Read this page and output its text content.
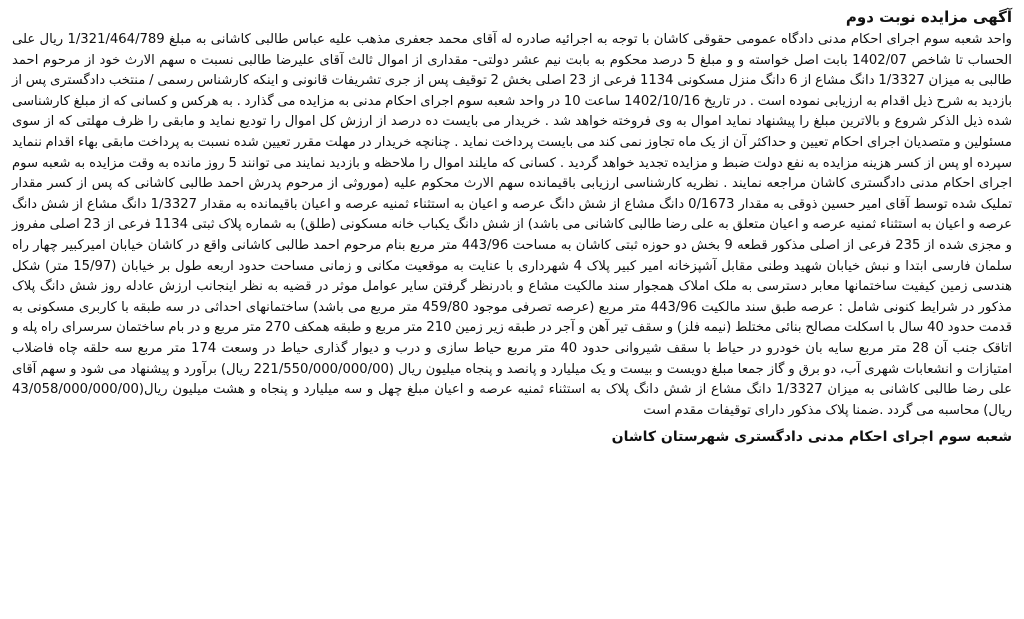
آگهی مزایده نوبت دوم
واحد شعبه سوم اجرای احکام مدنی دادگاه عمومی حقوقی کاشان با توجه به اجرائیه صادره له آقای محمد جعفری مذهب علیه عباس طالبی کاشانی به مبلغ 1/321/464/789 ریال علی الحساب تا شاخص 1402/07 بابت اصل خواسته و و مبلغ 5 درصد محکوم به بابت نیم عشر دولتی- مقداری از اموال ثالث آقای علیرضا طالبی نسبت ه سهم الارث خود از مرحوم احمد طالبی به میزان 1/3327 دانگ مشاع از 6 دانگ منزل مسکونی 1134 فرعی از 23 اصلی بخش 2 توقیف پس از جری تشریفات قانونی و اینکه کارشناس رسمی / منتخب دادگستری پس از بازدید به شرح ذیل اقدام به ارزیابی نموده است . در تاریخ 1402/10/16 ساعت 10 در واحد شعبه سوم اجرای احکام مدنی به مزایده می گذارد . به هرکس و کسانی که از مبلغ کارشناسی شده ذیل الذکر شروع و بالاترین مبلغ را پیشنهاد نماید اموال به وی فروخته خواهد شد . خریدار می بایست ده درصد از ارزش کل اموال را تودیع نماید و مابقی را ظرف مهلتی که از سوی مسئولین و متصدیان اجرای احکام تعیین و حداکثر آن از یک ماه تجاوز نمی کند می بایست پرداخت نماید . چنانچه خریدار در مهلت مقرر تعیین شده نسبت به پرداخت مابقی بهاء اقدام ننماید سپرده او پس از کسر هزینه مزایده به نفع دولت ضبط و مزایده تجدید خواهد گردید . کسانی که مایلند اموال را ملاحظه و بازدید نمایند می توانند 5 روز مانده به وقت مزایده به شعبه سوم اجرای احکام مدنی دادگستری کاشان مراجعه نمایند . نظریه کارشناسی ارزیابی باقیمانده سهم الارث محکوم علیه (موروثی از مرحوم پدرش احمد طالبی کاشانی که پس از کسر مقدار تملیک شده توسط آقای امیر حسین ذوقی به مقدار 0/1673 دانگ مشاع از شش دانگ عرصه و اعیان به استثناء ثمنیه عرصه و اعیان باقیمانده به مقدار 1/3327 دانگ مشاع از شش دانگ عرصه و اعیان به استثناء ثمنیه عرصه و اعیان متعلق به علی رضا طالبی کاشانی می باشد) از شش دانگ یکباب خانه مسکونی (طلق) به شماره پلاک ثبتی 1134 فرعی از 23 اصلی مفروز و مجزی شده از 235 فرعی از اصلی مذکور قطعه 9 بخش دو حوزه ثبتی کاشان به مساحت 443/96 متر مربع بنام مرحوم احمد طالبی کاشانی واقع در کاشان خیابان امیرکبیر چهار راه سلمان فارسی ابتدا و نبش خیابان شهید وطنی مقابل آشپزخانه امیر کبیر پلاک 4 شهرداری با عنایت به موقعیت مکانی و زمانی مساحت حدود اربعه طول بر خیابان (15/97 متر) شکل هندسی زمین کیفیت ساختمانها معابر دسترسی به ملک املاک همجوار سند مالکیت مشاع و بادرنظر گرفتن سایر عوامل موثر در قضیه به نظر اینجانب ارزش عادله روز شش دانگ پلاک مذکور در شرایط کنونی شامل : عرصه طبق سند مالکیت 443/96 متر مربع (عرصه تصرفی موجود 459/80 متر مربع می باشد) ساختمانهای احداثی در سه طبقه با کاربری مسکونی به قدمت حدود 40 سال با اسکلت مصالح بنائی مختلط (نیمه فلز) و سقف تیر آهن و آجر در طبقه زیر زمین 210 متر مربع و طبقه همکف 270 متر مربع و در بام ساختمان سرسرای راه پله و اتاقک جنب آن 28 متر مربع سایه بان خودرو در حیاط با سقف شیروانی حدود 40 متر مربع حیاط سازی و درب و دیوار گذاری حیاط در وسعت 174 متر مربع سه حلقه چاه فاضلاب امتیازات و انشعابات شهری آب، دو برق و گاز جمعا مبلغ دویست و بیست و یک میلیارد و پانصد و پنجاه میلیون ریال (221/550/000/000/00 ریال) برآورد و پیشنهاد می شود و سهم آقای علی رضا طالبی کاشانی به میزان 1/3327 دانگ مشاع از شش دانگ پلاک به استثناء ثمنیه عرصه و اعیان مبلغ چهل و سه میلیارد و پنجاه و هشت میلیون ریال(43/058/000/000/00 ریال) محاسبه می گردد .ضمنا پلاک مذکور دارای توقیفات مقدم است
شعبه سوم اجرای احکام مدنی دادگستری شهرستان کاشان
